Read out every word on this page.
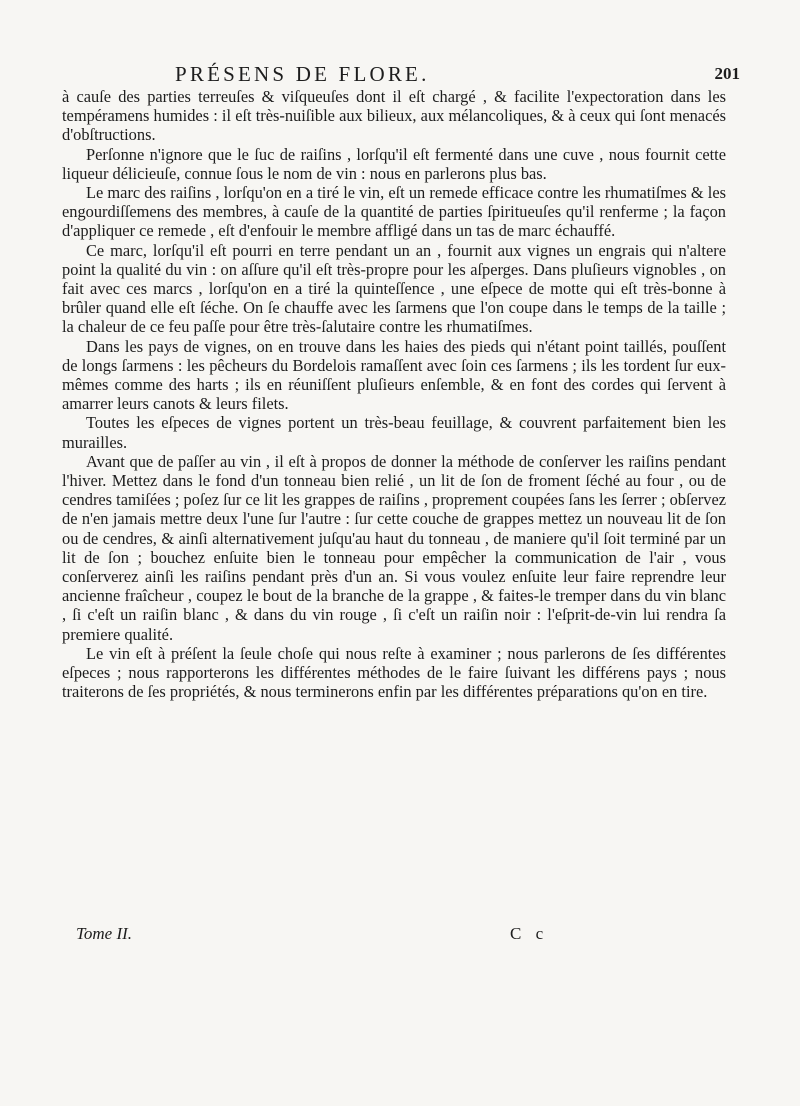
PRÉSENS DE FLORE.	201

à cauſe des parties terreuſes & viſqueuſes dont il eſt chargé , & facilite l'expectoration dans les tempéramens humides : il eſt très-nuiſible aux bilieux, aux mélancoliques, & à ceux qui ſont menacés d'obſtructions.

Perſonne n'ignore que le ſuc de raiſins , lorſqu'il eſt fermenté dans une cuve , nous fournit cette liqueur délicieuſe, connue ſous le nom de vin : nous en parlerons plus bas.

Le marc des raiſins , lorſqu'on en a tiré le vin, eſt un remede efficace contre les rhumatiſmes & les engourdiſſemens des membres, à cauſe de la quantité de parties ſpiritueuſes qu'il renferme ; la façon d'appliquer ce remede , eſt d'enfouir le membre affligé dans un tas de marc échauffé.

Ce marc, lorſqu'il eſt pourri en terre pendant un an , fournit aux vignes un engrais qui n'altere point la qualité du vin : on aſſure qu'il eſt très-propre pour les aſperges. Dans pluſieurs vignobles , on fait avec ces marcs , lorſqu'on en a tiré la quinteſſence , une eſpece de motte qui eſt très-bonne à brûler quand elle eſt ſéche. On ſe chauffe avec les ſarmens que l'on coupe dans le temps de la taille ; la chaleur de ce feu paſſe pour être très-ſalutaire contre les rhumatiſmes.

Dans les pays de vignes, on en trouve dans les haies des pieds qui n'étant point taillés, pouſſent de longs ſarmens : les pêcheurs du Bordelois ramaſſent avec ſoin ces ſarmens ; ils les tordent ſur eux-mêmes comme des harts ; ils en réuniſſent pluſieurs enſemble, & en font des cordes qui ſervent à amarrer leurs canots & leurs filets.

Toutes les eſpeces de vignes portent un très-beau feuillage, & couvrent parfaitement bien les murailles.

Avant que de paſſer au vin , il eſt à propos de donner la méthode de conſerver les raiſins pendant l'hiver. Mettez dans le fond d'un tonneau bien relié , un lit de ſon de froment ſéché au four , ou de cendres tamiſées ; poſez ſur ce lit les grappes de raiſins , proprement coupées ſans les ſerrer ; obſervez de n'en jamais mettre deux l'une ſur l'autre : ſur cette couche de grappes mettez un nouveau lit de ſon ou de cendres, & ainſi alternativement juſqu'au haut du tonneau , de maniere qu'il ſoit terminé par un lit de ſon ; bouchez enſuite bien le tonneau pour empêcher la communication de l'air , vous conſerverez ainſi les raiſins pendant près d'un an. Si vous voulez enſuite leur faire reprendre leur ancienne fraîcheur , coupez le bout de la branche de la grappe , & faites-le tremper dans du vin blanc , ſi c'eſt un raiſin blanc , & dans du vin rouge , ſi c'eſt un raiſin noir : l'eſprit-de-vin lui rendra ſa premiere qualité.

Le vin eſt à préſent la ſeule choſe qui nous reſte à examiner ; nous parlerons de ſes différentes eſpeces ; nous rapporterons les différentes méthodes de le faire ſuivant les différens pays ; nous traiterons de ſes propriétés, & nous terminerons enfin par les différentes préparations qu'on en tire.

Tome II.	C c
